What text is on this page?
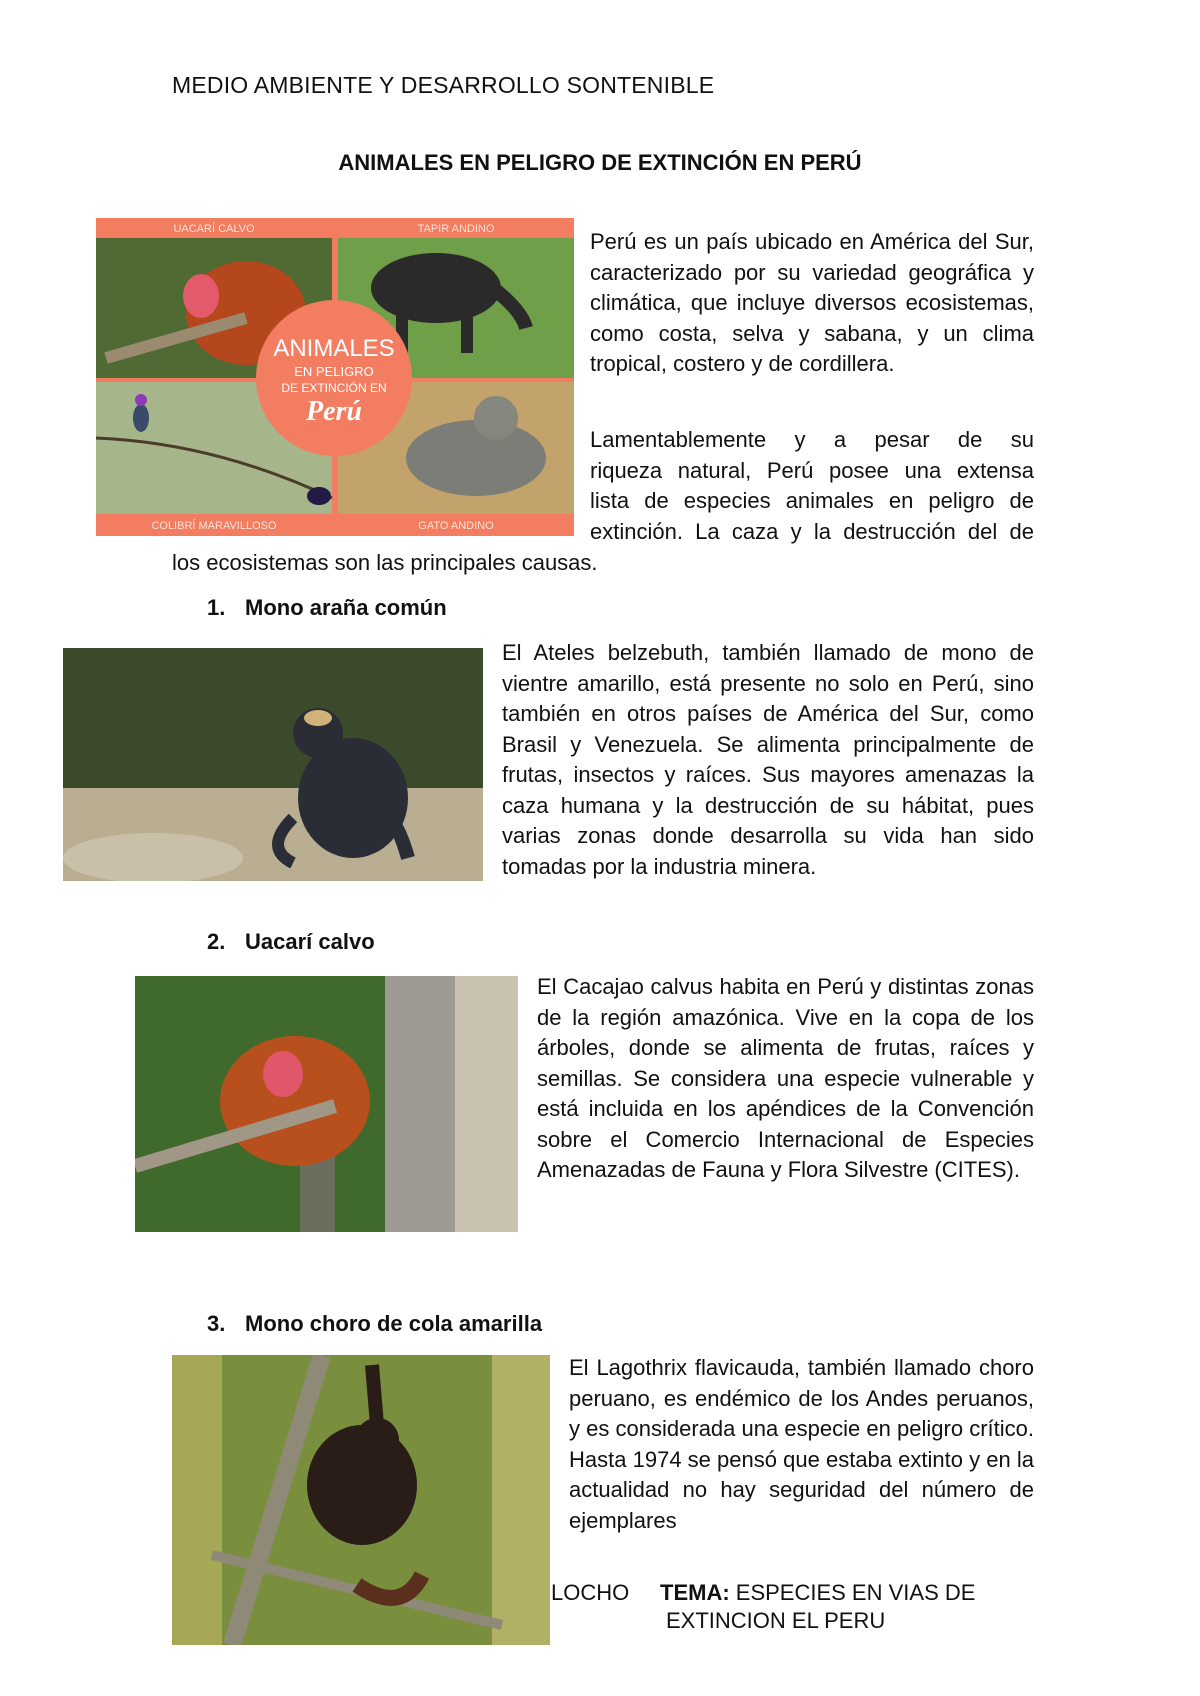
MEDIO AMBIENTE Y DESARROLLO SONTENIBLE
ANIMALES EN PELIGRO DE EXTINCIÓN EN PERÚ
ANIMALES
EN PELIGRO
DE EXTINCIÓN EN
Perú
UACARÍ CALVO	TAPIR ANDINO
COLIBRÍ MARAVILLOSO	GATO ANDINO

Perú es un país ubicado en América del Sur, caracterizado por su variedad geográfica y climática, que incluye diversos ecosistemas, como costa, selva y sabana, y un clima tropical, costero y de cordillera.

Lamentablemente y a pesar de su
riqueza natural, Perú posee una extensa
lista de especies animales en peligro de
extinción. La caza y la destrucción del de
los ecosistemas son las principales causas.
1. Mono araña común
El Ateles belzebuth, también llamado de mono de vientre amarillo, está presente no solo en Perú, sino también en otros países de América del Sur, como Brasil y Venezuela. Se alimenta principalmente de frutas, insectos y raíces. Sus mayores amenazas la caza humana y la destrucción de su hábitat, pues varias zonas donde desarrolla su vida han sido tomadas por la industria minera.
2. Uacarí calvo
El Cacajao calvus habita en Perú y distintas zonas de la región amazónica. Vive en la copa de los árboles, donde se alimenta de frutas, raíces y semillas. Se considera una especie vulnerable y está incluida en los apéndices de la Convención sobre el Comercio Internacional de Especies Amenazadas de Fauna y Flora Silvestre (CITES).
3. Mono choro de cola amarilla
El Lagothrix flavicauda, también llamado choro peruano, es endémico de los Andes peruanos, y es considerada una especie en peligro crítico. Hasta 1974 se pensó que estaba extinto y en la actualidad no hay seguridad del número de ejemplares
LOCHO TEMA: ESPECIES EN VIAS DE
EXTINCION EL PERU
